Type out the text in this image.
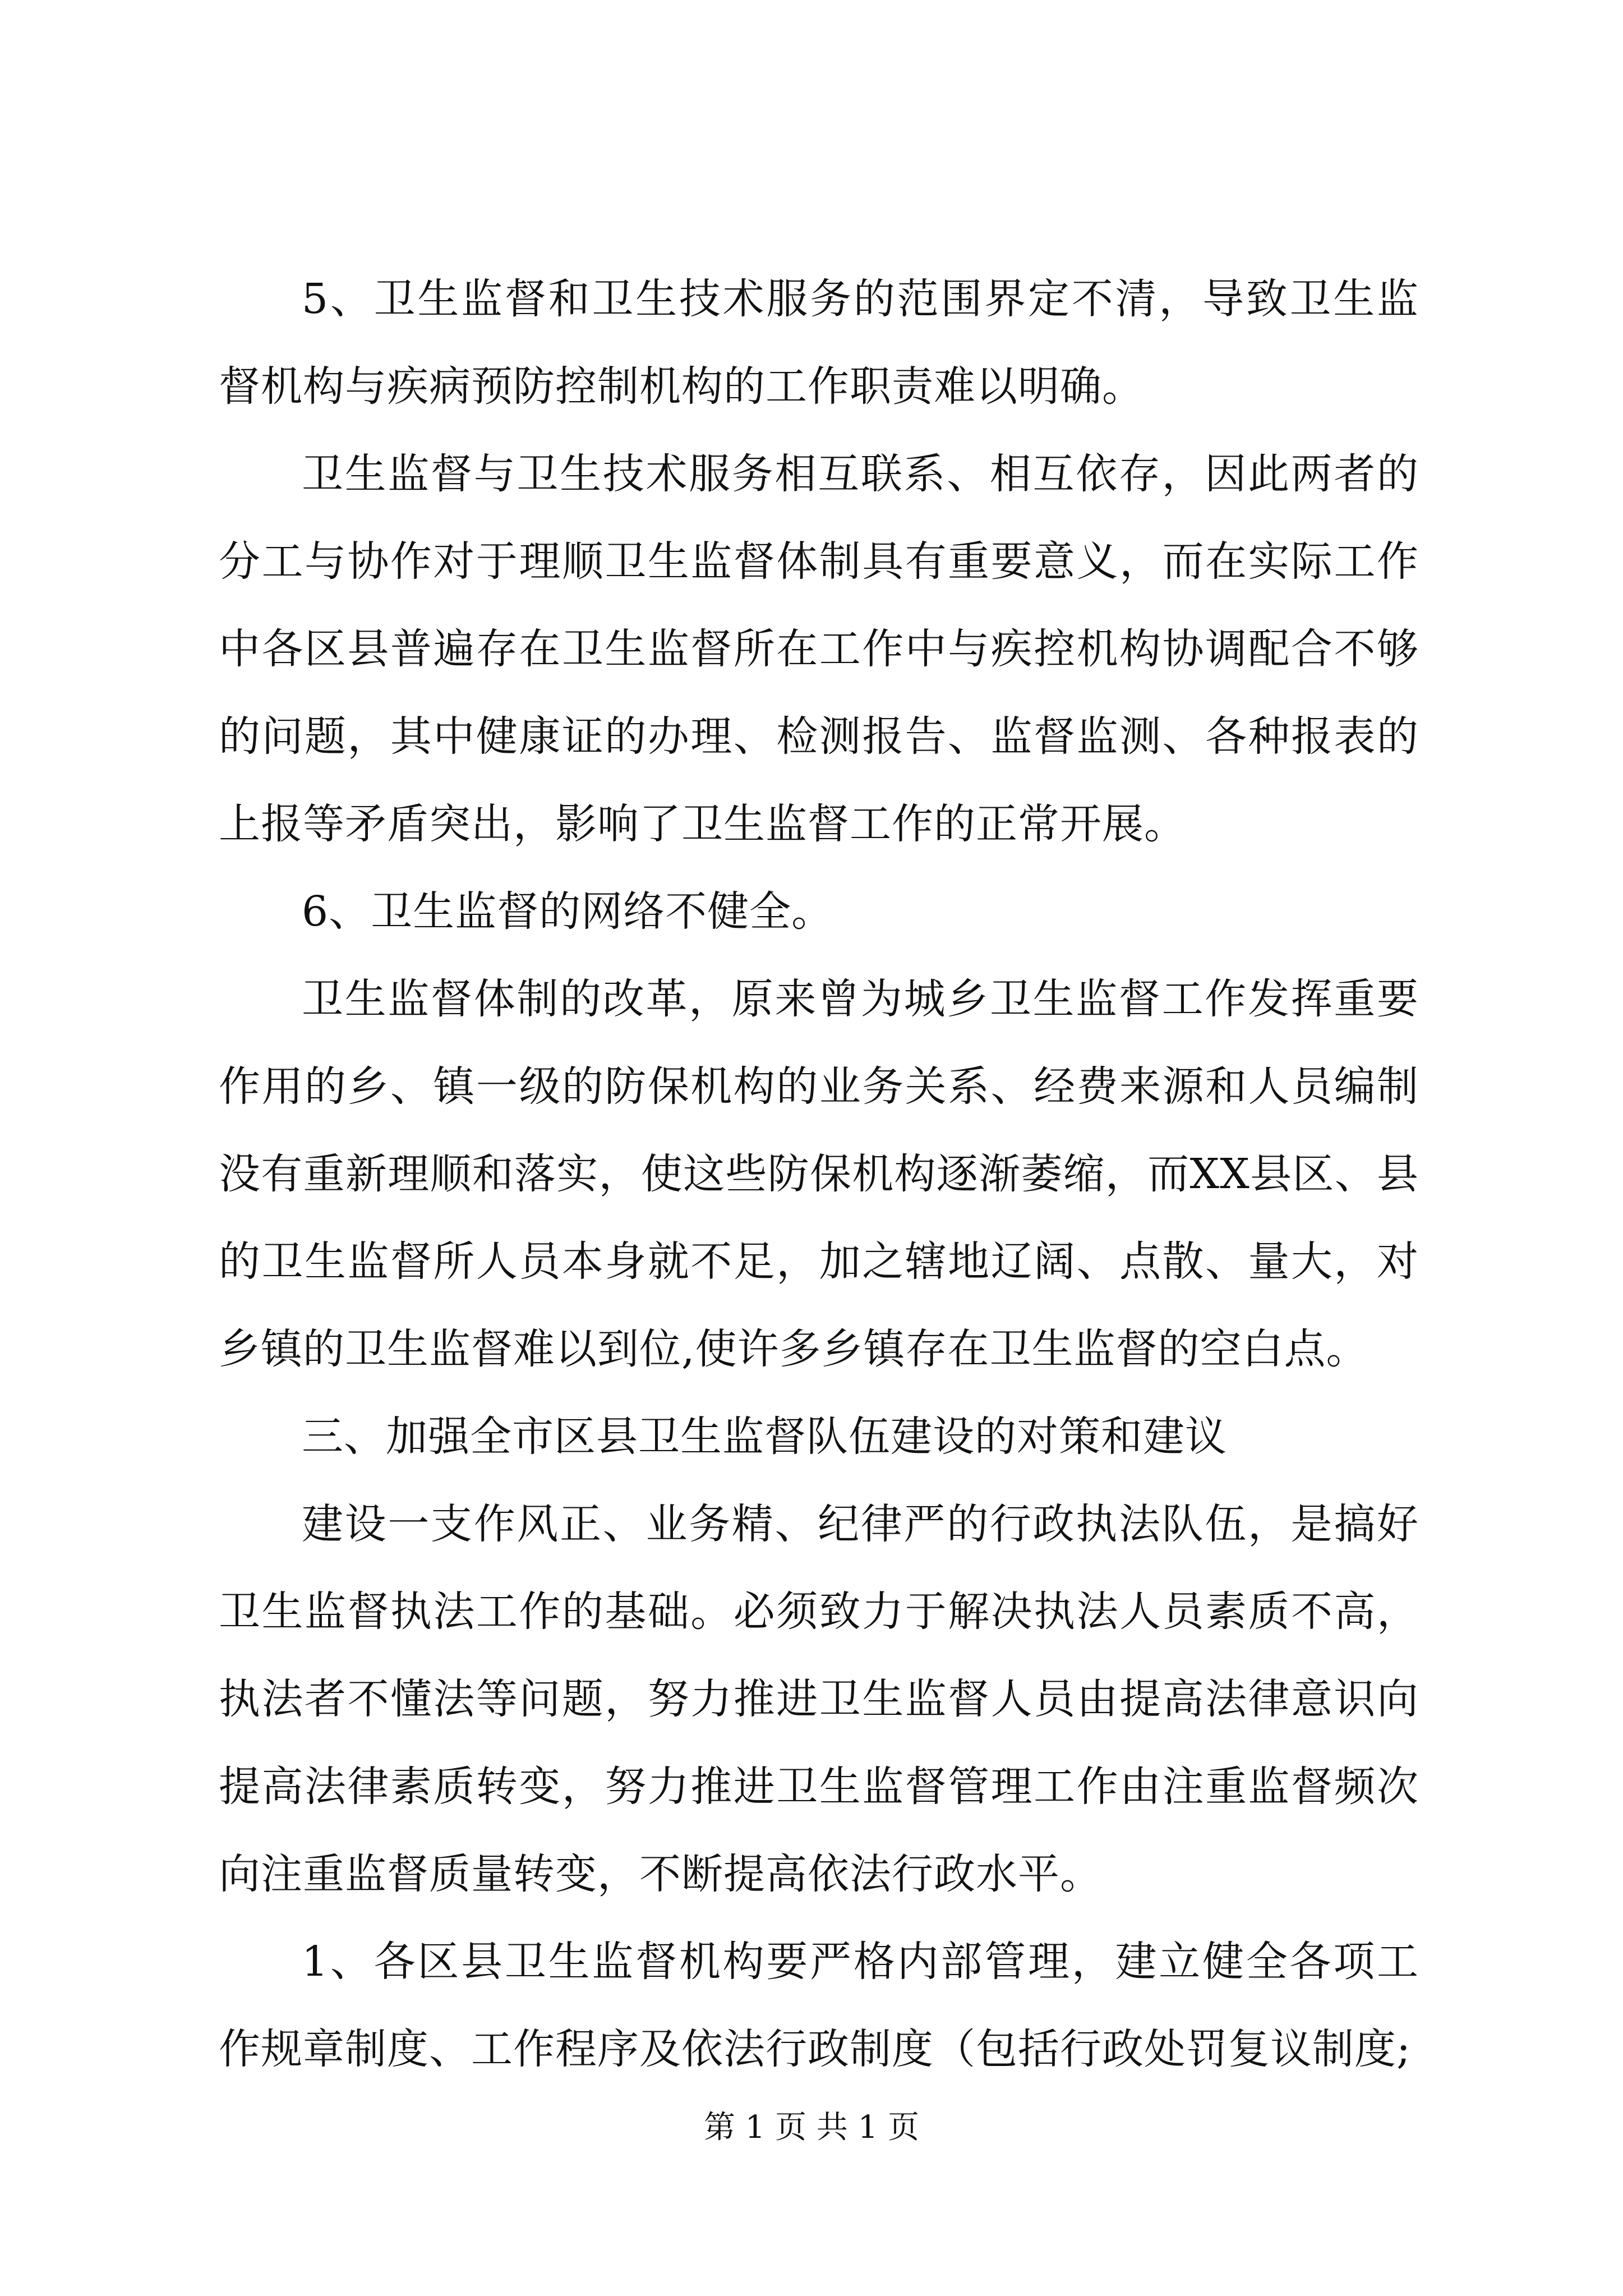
5、卫生监督和卫生技术服务的范围界定不清，导致卫生监督机构与疾病预防控制机构的工作职责难以明确。

卫生监督与卫生技术服务相互联系、相互依存，因此两者的分工与协作对于理顺卫生监督体制具有重要意义，而在实际工作中各区县普遍存在卫生监督所在工作中与疾控机构协调配合不够的问题，其中健康证的办理、检测报告、监督监测、各种报表的上报等矛盾突出，影响了卫生监督工作的正常开展。

6、卫生监督的网络不健全。

卫生监督体制的改革，原来曾为城乡卫生监督工作发挥重要作用的乡、镇一级的防保机构的业务关系、经费来源和人员编制没有重新理顺和落实，使这些防保机构逐渐萎缩，而XX县区、县的卫生监督所人员本身就不足，加之辖地辽阔、点散、量大，对乡镇的卫生监督难以到位,使许多乡镇存在卫生监督的空白点。

三、加强全市区县卫生监督队伍建设的对策和建议

建设一支作风正、业务精、纪律严的行政执法队伍，是搞好卫生监督执法工作的基础。必须致力于解决执法人员素质不高，执法者不懂法等问题，努力推进卫生监督人员由提高法律意识向提高法律素质转变，努力推进卫生监督管理工作由注重监督频次向注重监督质量转变，不断提高依法行政水平。

1、各区县卫生监督机构要严格内部管理，建立健全各项工作规章制度、工作程序及依法行政制度（包括行政处罚复议制度;

第 1 页 共 1 页
